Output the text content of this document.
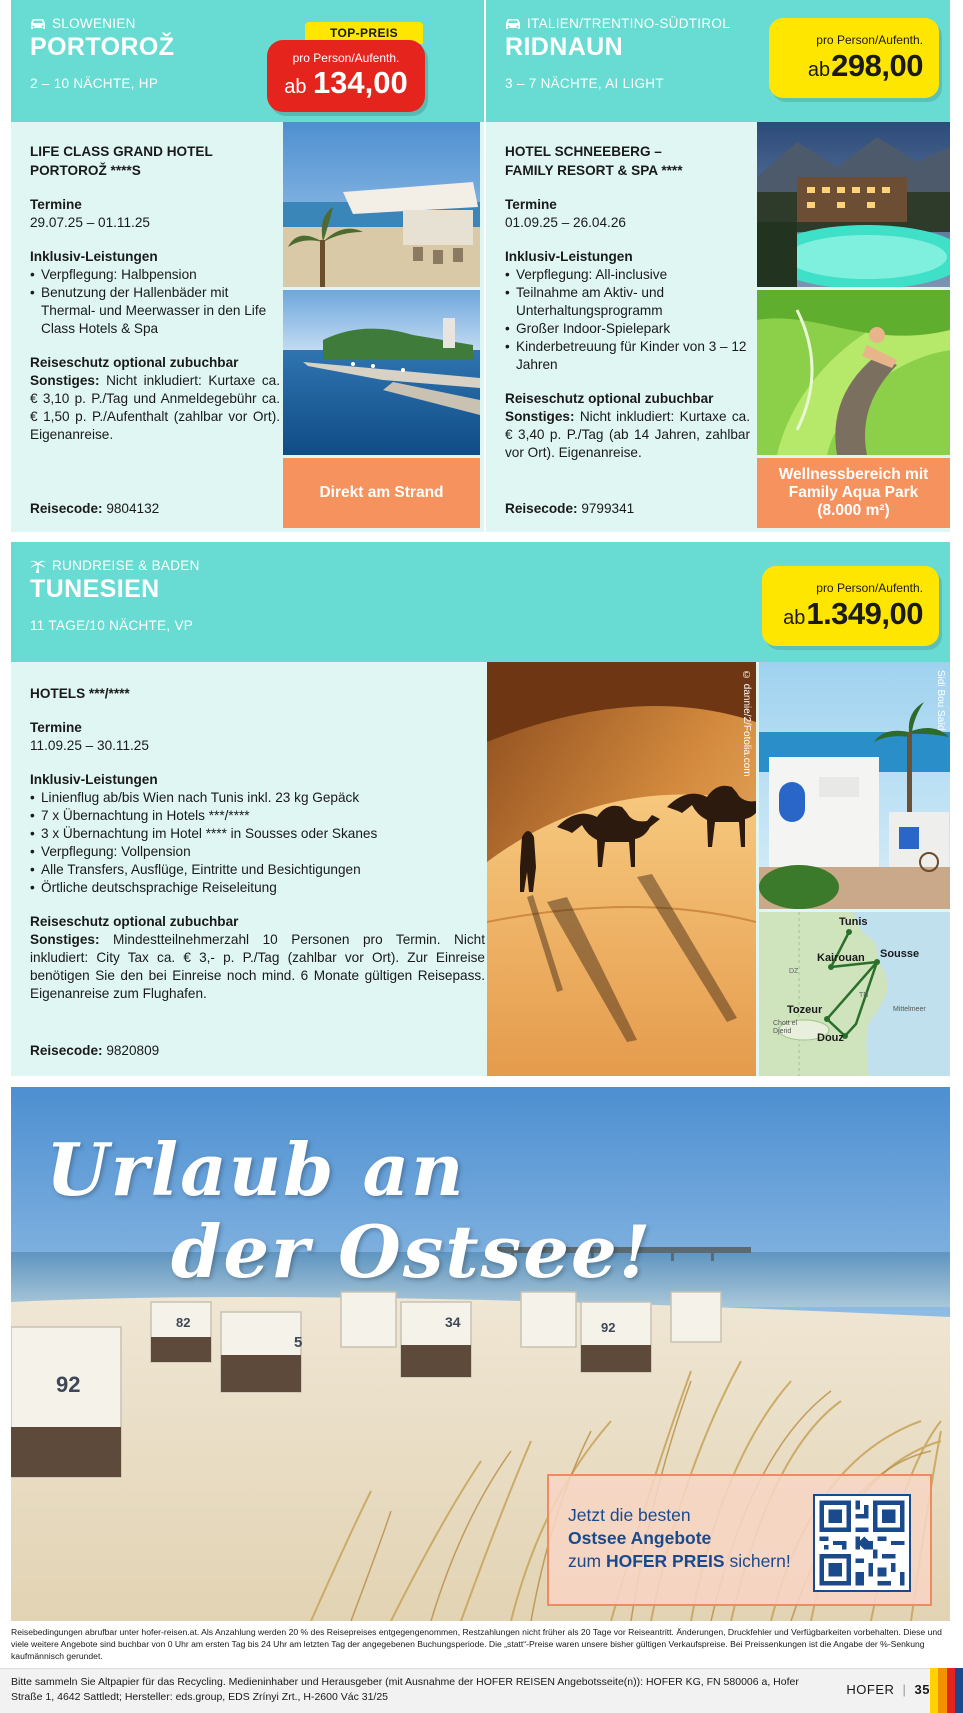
SLOWENIEN
PORTOROŽ
2 – 10 NÄCHTE, HP
TOP-PREIS
pro Person/Aufenth.
ab 134,00
LIFE CLASS GRAND HOTEL
PORTOROŽ ****S
Termine
29.07.25 – 01.11.25
Inklusiv-Leistungen
• Verpflegung: Halbpension
• Benutzung der Hallenbäder mit Thermal- und Meerwasser in den Life Class Hotels & Spa
Reiseschutz optional zubuchbar
Sonstiges: Nicht inkludiert: Kurtaxe ca. € 3,10 p. P./Tag und Anmeldegebühr ca. € 1,50 p. P./Aufenthalt (zahlbar vor Ort). Eigenanreise.
Reisecode: 9804132
Direkt am Strand
ITALIEN/TRENTINO-SÜDTIROL
RIDNAUN
3 – 7 NÄCHTE, AI LIGHT
pro Person/Aufenth.
ab 298,00
HOTEL SCHNEEBERG –
FAMILY RESORT & SPA ****
Termine
01.09.25 – 26.04.26
Inklusiv-Leistungen
• Verpflegung: All-inclusive
• Teilnahme am Aktiv- und Unterhaltungsprogramm
• Großer Indoor-Spielepark
• Kinderbetreuung für Kinder von 3 – 12 Jahren
Reiseschutz optional zubuchbar
Sonstiges: Nicht inkludiert: Kurtaxe ca. € 3,40 p. P./Tag (ab 14 Jahren, zahlbar vor Ort). Eigenanreise.
Reisecode: 9799341
Wellnessbereich mit Family Aqua Park (8.000 m²)
RUNDREISE & BADEN
TUNESIEN
11 TAGE/10 NÄCHTE, VP
pro Person/Aufenth.
ab 1.349,00
HOTELS ***/****
Termine
11.09.25 – 30.11.25
Inklusiv-Leistungen
• Linienflug ab/bis Wien nach Tunis inkl. 23 kg Gepäck
• 7 x Übernachtung in Hotels ***/****
• 3 x Übernachtung im Hotel **** in Sousses oder Skanes
• Verpflegung: Vollpension
• Alle Transfers, Ausflüge, Eintritte und Besichtigungen
• Örtliche deutschsprachige Reiseleitung
Reiseschutz optional zubuchbar
Sonstiges: Mindestteilnehmerzahl 10 Personen pro Termin. Nicht inkludiert: City Tax ca. € 3,- p. P./Tag (zahlbar vor Ort). Zur Einreise benötigen Sie den bei Einreise noch mind. 6 Monate gültigen Reisepass. Eigenanreise zum Flughafen.
Reisecode: 9820809
© dannie/2/Fotolia.com	Sidi Bou Saïd
Tunis
Kairouan Sousse
Tozeur
Douz
Chott el Djerid
Mittelmeer
DZ
TN
82
5
34	92
92
Urlaub an
der Ostsee!
Jetzt die besten
Ostsee Angebote
zum HOFER PREIS sichern!
Reisebedingungen abrufbar unter hofer-reisen.at. Als Anzahlung werden 20 % des Reisepreises entgegengenommen, Restzahlungen nicht früher als 20 Tage vor Reiseantritt. Änderungen, Druckfehler und Verfügbarkeiten vorbehalten. Diese und viele weitere Angebote sind buchbar von 0 Uhr am ersten Tag bis 24 Uhr am letzten Tag der angegebenen Buchungsperiode. Die „statt“-Preise waren unsere bisher gültigen Verkaufspreise. Bei Preissenkungen ist die Angabe der %-Senkung kaufmännisch gerundet.
Bitte sammeln Sie Altpapier für das Recycling. Medieninhaber und Herausgeber (mit Ausnahme der HOFER REISEN Angebotsseite(n)): HOFER KG, FN 580006 a, Hofer Straße 1, 4642 Sattledt; Hersteller: eds.group, EDS Zrínyi Zrt., H-2600 Vác 31/25	HOFER | 35
